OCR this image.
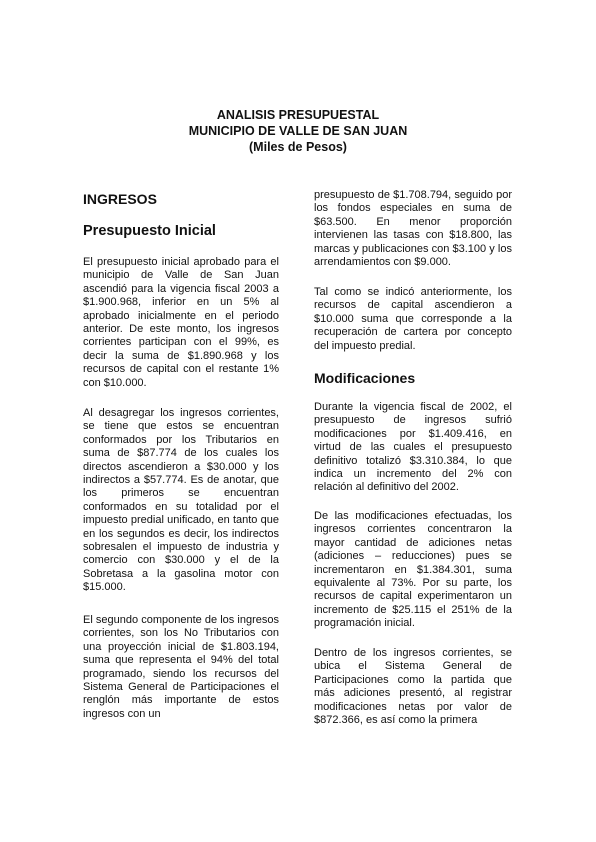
ANALISIS PRESUPUESTAL
MUNICIPIO DE VALLE DE SAN JUAN
(Miles de Pesos)
INGRESOS
Presupuesto Inicial

El presupuesto inicial aprobado para el municipio de Valle de San Juan ascendió para la vigencia fiscal 2003 a $1.900.968, inferior en un 5% al aprobado inicialmente en el periodo anterior. De este monto, los ingresos corrientes participan con el 99%, es decir la suma de $1.890.968 y los recursos de capital con el restante 1% con $10.000.

Al desagregar los ingresos corrientes, se tiene que estos se encuentran conformados por los Tributarios en suma de $87.774 de los cuales los directos ascendieron a $30.000 y los indirectos a $57.774. Es de anotar, que los primeros se encuentran conformados en su totalidad por el impuesto predial unificado, en tanto que en los segundos es decir, los indirectos sobresalen el impuesto de industria y comercio con $30.000 y el de la Sobretasa a la gasolina motor con $15.000.

El segundo componente de los ingresos corrientes, son los No Tributarios con una proyección inicial de $1.803.194, suma que representa el 94% del total programado, siendo los recursos del Sistema General de Participaciones el renglón más importante de estos ingresos con un

presupuesto de $1.708.794, seguido por los fondos especiales en suma de $63.500. En menor proporción intervienen las tasas con $18.800, las marcas y publicaciones con $3.100 y los arrendamientos con $9.000.

Tal como se indicó anteriormente, los recursos de capital ascendieron a $10.000 suma que corresponde a la recuperación de cartera por concepto del impuesto predial.

Modificaciones

Durante la vigencia fiscal de 2002, el presupuesto de ingresos sufrió modificaciones por $1.409.416, en virtud de las cuales el presupuesto definitivo totalizó $3.310.384, lo que indica un incremento del 2% con relación al definitivo del 2002.

De las modificaciones efectuadas, los ingresos corrientes concentraron la mayor cantidad de adiciones netas (adiciones – reducciones) pues se incrementaron en $1.384.301, suma equivalente al 73%. Por su parte, los recursos de capital experimentaron un incremento de $25.115 el 251% de la programación inicial.

Dentro de los ingresos corrientes, se ubica el Sistema General de Participaciones como la partida que más adiciones presentó, al registrar modificaciones netas por valor de $872.366, es así como la primera
